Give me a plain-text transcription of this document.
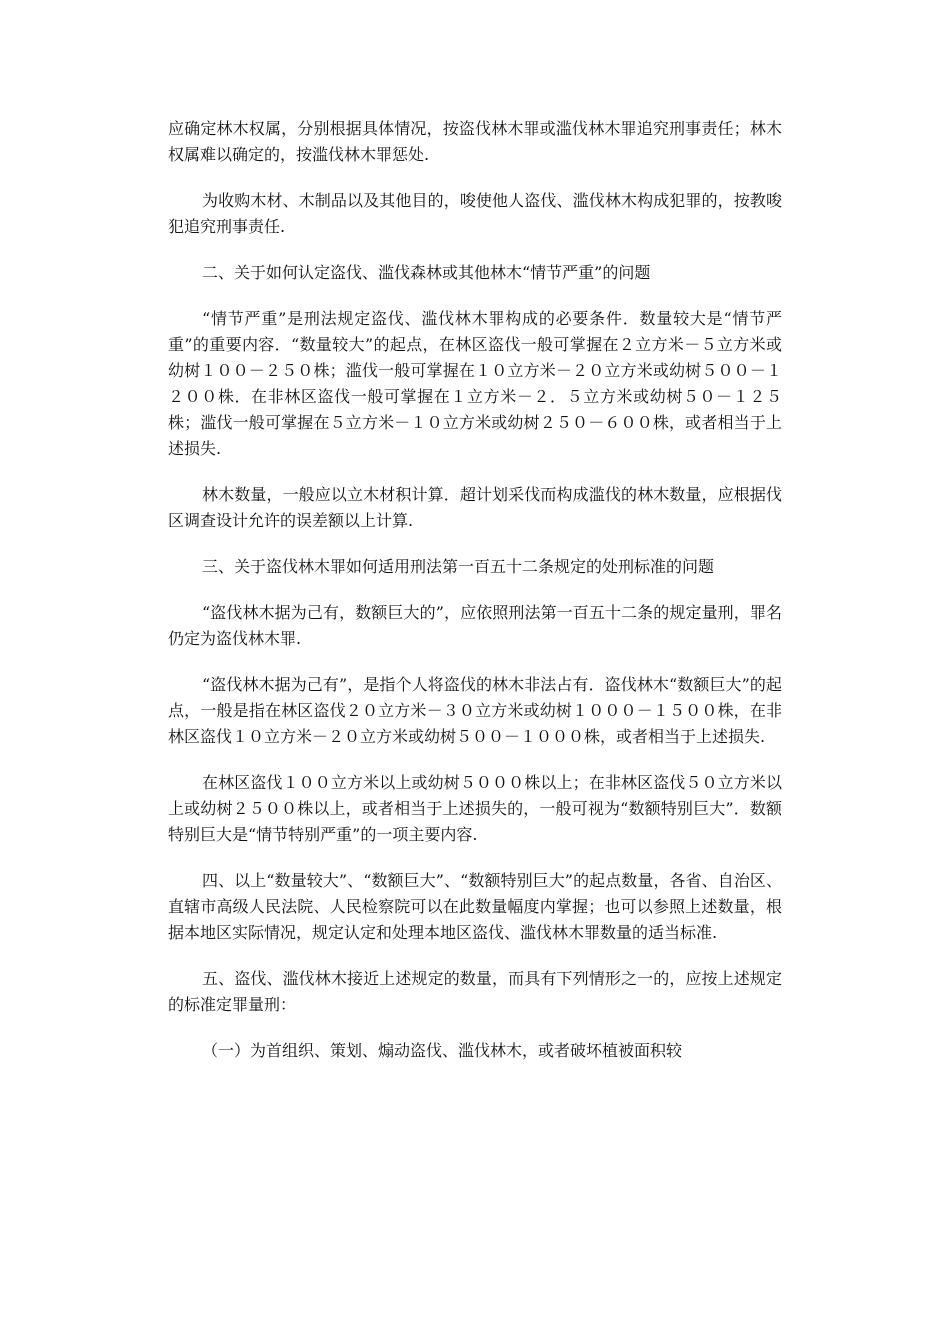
应确定林木权属，分别根据具体情况，按盗伐林木罪或滥伐林木罪追究刑事责任；林木权属难以确定的，按滥伐林木罪惩处.

为收购木材、木制品以及其他目的，唆使他人盗伐、滥伐林木构成犯罪的，按教唆犯追究刑事责任.

二、关于如何认定盗伐、滥伐森林或其他林木“情节严重”的问题

“情节严重”是刑法规定盗伐、滥伐林木罪构成的必要条件．数量较大是“情节严重”的重要内容．“数量较大”的起点，在林区盗伐一般可掌握在２立方米－５立方米或幼树１００－２５０株；滥伐一般可掌握在１０立方米－２０立方米或幼树５００－１２００株．在非林区盗伐一般可掌握在１立方米－２．５立方米或幼树５０－１２５株；滥伐一般可掌握在５立方米－１０立方米或幼树２５０－６００株，或者相当于上述损失.

林木数量，一般应以立木材积计算．超计划采伐而构成滥伐的林木数量，应根据伐区调查设计允许的误差额以上计算.

三、关于盗伐林木罪如何适用刑法第一百五十二条规定的处刑标准的问题

“盗伐林木据为己有，数额巨大的”，应依照刑法第一百五十二条的规定量刑，罪名仍定为盗伐林木罪.

“盗伐林木据为己有”，是指个人将盗伐的林木非法占有．盗伐林木“数额巨大”的起点，一般是指在林区盗伐２０立方米－３０立方米或幼树１０００－１５００株，在非林区盗伐１０立方米－２０立方米或幼树５００－１０００株，或者相当于上述损失.

在林区盗伐１００立方米以上或幼树５０００株以上；在非林区盗伐５０立方米以上或幼树２５００株以上，或者相当于上述损失的，一般可视为“数额特别巨大”．数额特别巨大是“情节特别严重”的一项主要内容.

四、以上“数量较大”、“数额巨大”、“数额特别巨大”的起点数量，各省、自治区、直辖市高级人民法院、人民检察院可以在此数量幅度内掌握；也可以参照上述数量，根据本地区实际情况，规定认定和处理本地区盗伐、滥伐林木罪数量的适当标准.

五、盗伐、滥伐林木接近上述规定的数量，而具有下列情形之一的，应按上述规定的标准定罪量刑：

（一）为首组织、策划、煽动盗伐、滥伐林木，或者破坏植被面积较
